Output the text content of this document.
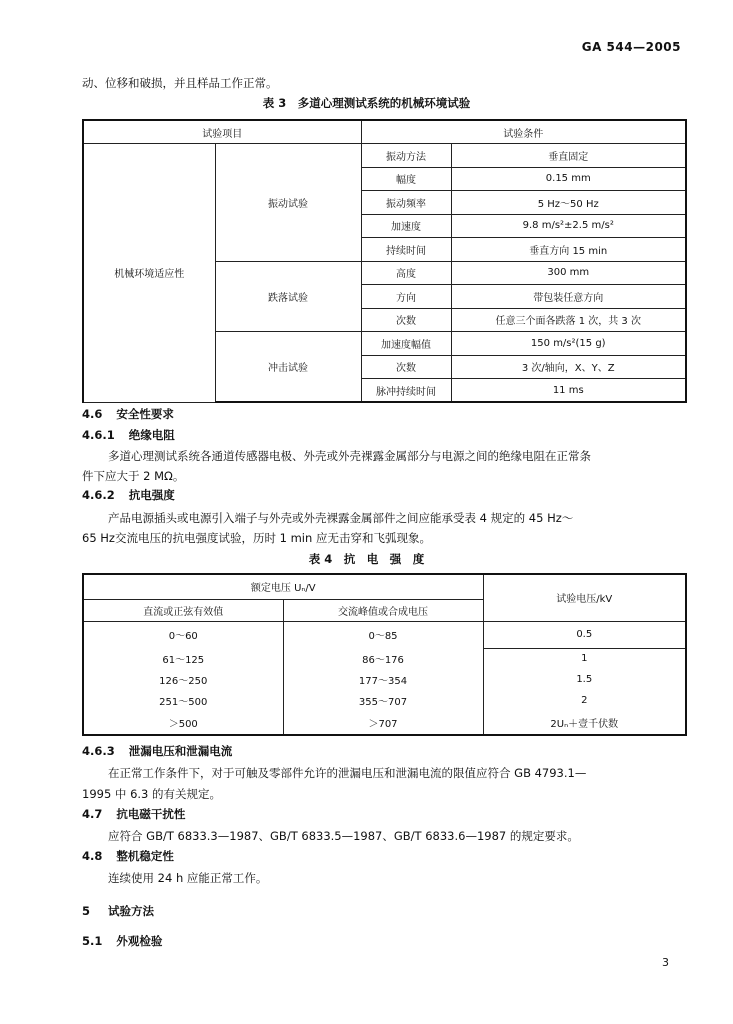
GA 544—2005
动、位移和破损，并且样品工作正常。
表 3　多道心理测试系统的机械环境试验
试验项目		试验条件	
机械环境适应性	振动试验	振动方法	垂直固定
		幅度	0.15 mm
		振动频率	5 Hz～50 Hz
		加速度	9.8 m/s²±2.5 m/s²
		持续时间	垂直方向 15 min
	跌落试验	高度	300 mm
		方向	带包装任意方向
		次数	任意三个面各跌落 1 次，共 3 次
	冲击试验	加速度幅值	150 m/s²(15 g)
		次数	3 次/轴向，X、Y、Z
		脉冲持续时间	11 ms
4.6 安全性要求
4.6.1 绝缘电阻
多道心理测试系统各通道传感器电极、外壳或外壳裸露金属部分与电源之间的绝缘电阻在正常条
件下应大于 2 MΩ。
4.6.2 抗电强度
产品电源插头或电源引入端子与外壳或外壳裸露金属部件之间应能承受表 4 规定的 45 Hz～
65 Hz交流电压的抗电强度试验，历时 1 min 应无击穿和飞弧现象。
表 4　抗　电　强　度
额定电压 Uₙ/V		试验电压/kV
直流或正弦有效值	交流峰值或合成电压	
0～60	0～85	0.5
61～125	86～176	1
126～250	177～354	1.5
251～500	355～707	2
＞500	＞707	2Uₙ＋壹千伏数
4.6.3 泄漏电压和泄漏电流
在正常工作条件下，对于可触及零部件允许的泄漏电压和泄漏电流的限值应符合 GB 4793.1—
1995 中 6.3 的有关规定。
4.7 抗电磁干扰性
应符合 GB/T 6833.3—1987、GB/T 6833.5—1987、GB/T 6833.6—1987 的规定要求。
4.8 整机稳定性
连续使用 24 h 应能正常工作。
5 试验方法
5.1 外观检验
3
